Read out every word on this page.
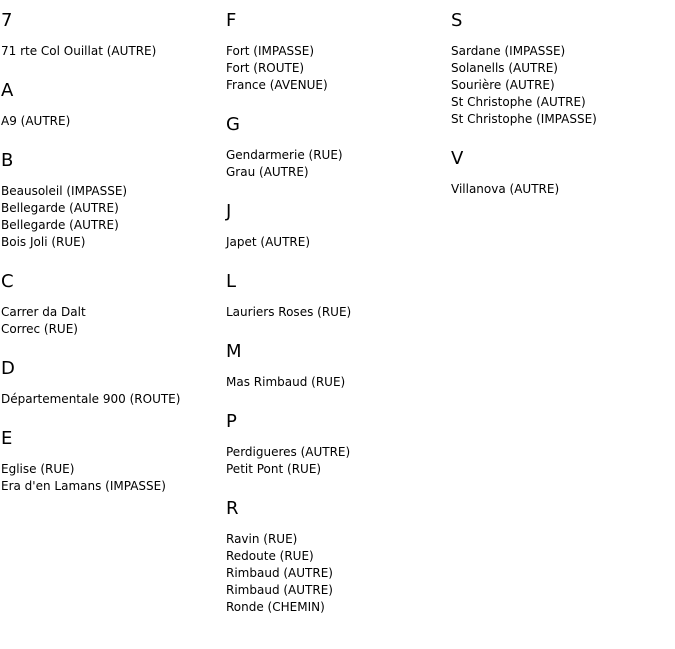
7
71 rte Col Ouillat (AUTRE)
A
A9 (AUTRE)
B
Beausoleil (IMPASSE)
Bellegarde (AUTRE)
Bellegarde (AUTRE)
Bois Joli (RUE)
C
Carrer da Dalt
Correc (RUE)
D
Départementale 900 (ROUTE)
E
Eglise (RUE)
Era d'en Lamans (IMPASSE)
F
Fort (IMPASSE)
Fort (ROUTE)
France (AVENUE)
G
Gendarmerie (RUE)
Grau (AUTRE)
J
Japet (AUTRE)
L
Lauriers Roses (RUE)
M
Mas Rimbaud (RUE)
P
Perdigueres (AUTRE)
Petit Pont (RUE)
R
Ravin (RUE)
Redoute (RUE)
Rimbaud (AUTRE)
Rimbaud (AUTRE)
Ronde (CHEMIN)
S
Sardane (IMPASSE)
Solanells (AUTRE)
Sourière (AUTRE)
St Christophe (AUTRE)
St Christophe (IMPASSE)
V
Villanova (AUTRE)
